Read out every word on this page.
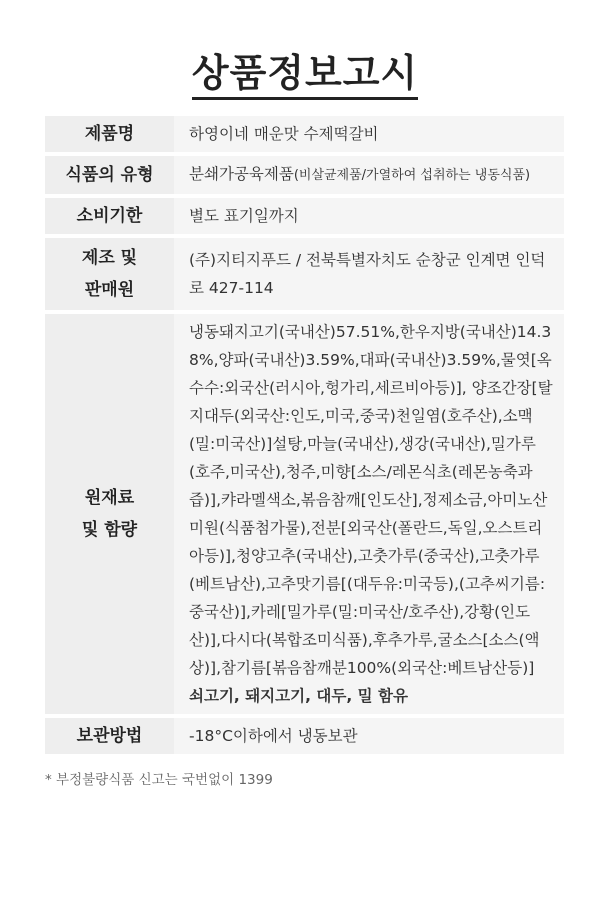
상품정보고시
제품명	하영이네 매운맛 수제떡갈비
식품의 유형	분쇄가공육제품(비살균제품/가열하여 섭취하는 냉동식품)
소비기한	별도 표기일까지
제조 및
판매원	(주)지티지푸드 / 전북특별자치도 순창군 인계면 인덕로 427-114
원재료
및 함량	냉동돼지고기(국내산)57.51%,한우지방(국내산)14.38%,양파(국내산)3.59%,대파(국내산)3.59%,물엿[옥수수:외국산(러시아,헝가리,세르비아등)], 양조간장[탈지대두(외국산:인도,미국,중국)천일염(호주산),소맥(밀:미국산)]설탕,마늘(국내산),생강(국내산),밀가루(호주,미국산),청주,미향[소스/레몬식초(레몬농축과즙)],캬라멜색소,볶음참깨[인도산],정제소금,아미노산미원(식품첨가물),전분[외국산(폴란드,독일,오스트리아등)],청양고추(국내산),고춧가루(중국산),고춧가루(베트남산),고추맛기름[(대두유:미국등),(고추씨기름:중국산)],카레[밀가루(밀:미국산/호주산),강황(인도산)],다시다(복합조미식품),후추가루,굴소스[소스(액상)],참기름[볶음참깨분100%(외국산:베트남산등)]
쇠고기, 돼지고기, 대두, 밀 함유

보관방법	-18°C이하에서 냉동보관
* 부정불량식품 신고는 국번없이 1399
